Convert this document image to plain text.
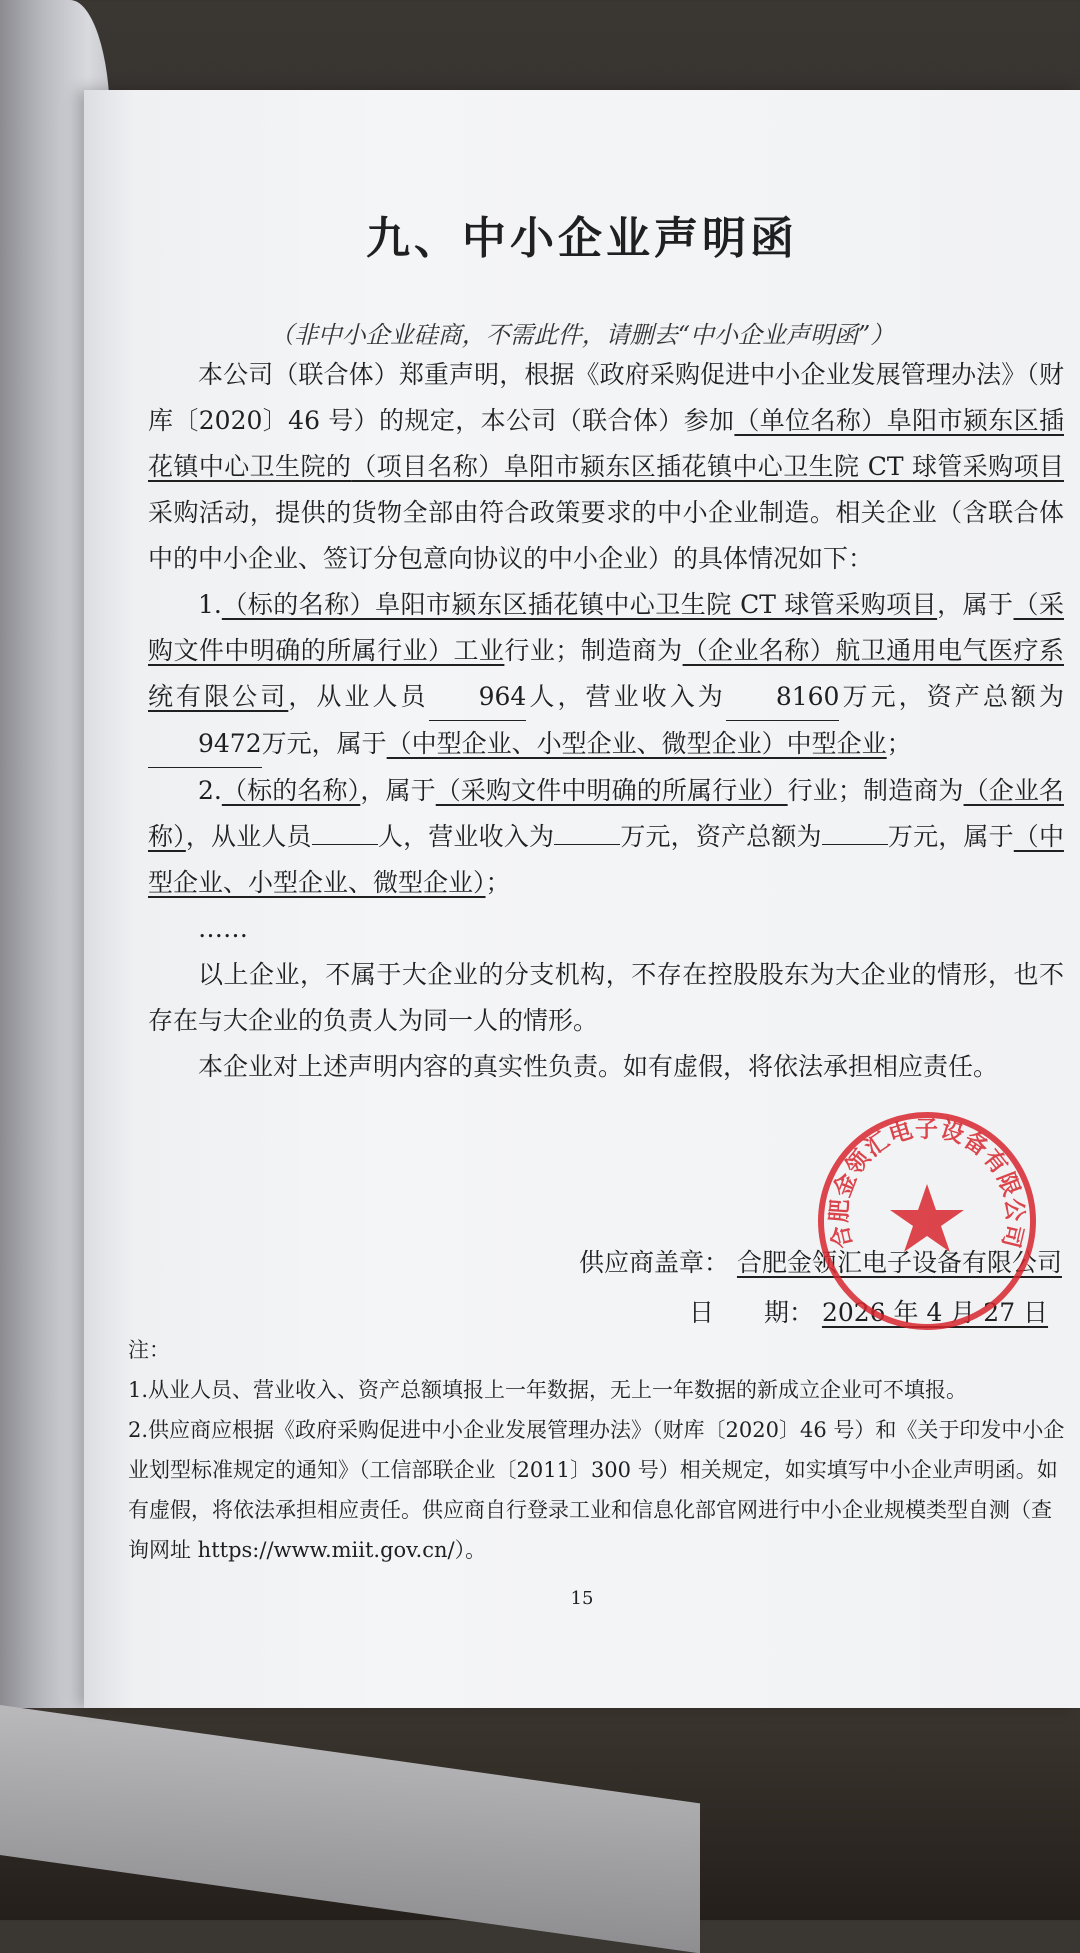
九、中小企业声明函
（非中小企业硅商，不需此件，请删去“中小企业声明函”）

本公司（联合体）郑重声明，根据《政府采购促进中小企业发展管理办法》（财库〔2020〕46 号）的规定，本公司（联合体）参加（单位名称）阜阳市颍东区插花镇中心卫生院的（项目名称）阜阳市颍东区插花镇中心卫生院 CT 球管采购项目采购活动，提供的货物全部由符合政策要求的中小企业制造。相关企业（含联合体中的中小企业、签订分包意向协议的中小企业）的具体情况如下：

1.（标的名称）阜阳市颍东区插花镇中心卫生院 CT 球管采购项目，属于（采购文件中明确的所属行业）工业行业；制造商为（企业名称）航卫通用电气医疗系统有限公司，从业人员 964人，营业收入为 8160万元，资产总额为9472万元，属于（中型企业、小型企业、微型企业）中型企业；

2.（标的名称），属于（采购文件中明确的所属行业）行业；制造商为（企业名称），从业人员	人，营业收入为	万元，资产总额为	万元，属于（中型企业、小型企业、微型企业）；

……

以上企业，不属于大企业的分支机构，不存在控股股东为大企业的情形，也不存在与大企业的负责人为同一人的情形。

本企业对上述声明内容的真实性负责。如有虚假，将依法承担相应责任。

供应商盖章： 合肥金领汇电子设备有限公司
日　　期： 2026 年 4 月 27 日
合肥金领汇电子设备有限公司

注：

1.从业人员、营业收入、资产总额填报上一年数据，无上一年数据的新成立企业可不填报。

2.供应商应根据《政府采购促进中小企业发展管理办法》（财库〔2020〕46 号）和《关于印发中小企业划型标准规定的通知》（工信部联企业〔2011〕300 号）相关规定，如实填写中小企业声明函。如有虚假，将依法承担相应责任。供应商自行登录工业和信息化部官网进行中小企业规模类型自测（查询网址 https://www.miit.gov.cn/）。

15
